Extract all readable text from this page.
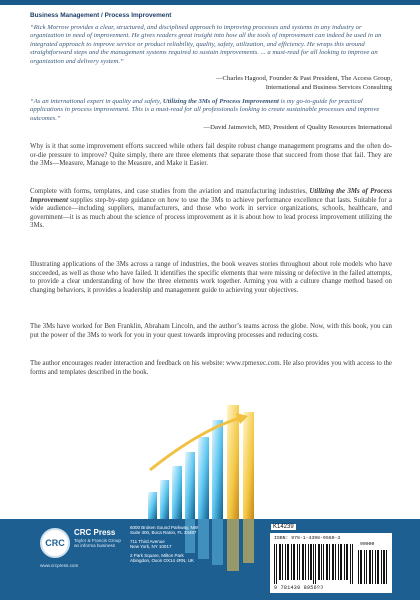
Business Management / Process Improvement
“Rick Morrow provides a clear, structured, and disciplined approach to improving processes and systems in any industry or organization in need of improvement. He gives readers great insight into how all the tools of improvement can indeed be used in an integrated approach to improve service or product reliability, quality, safety, utilization, and efficiency. He wraps this around straightforward steps and the management systems required to sustain improvements. ... a must-read for all looking to improve an organization and delivery system.”
—Charles Hagood, Founder & Past President, The Access Group,
International and Business Services Consulting
“As an international expert in quality and safety, Utilizing the 3Ms of Process Improvement is my go-to-guide for practical applications in process improvement. This is a must-read for all professionals looking to create sustainable processes and improve outcomes.”
—David Jaimovich, MD, President of Quality Resources International
Why is it that some improvement efforts succeed while others fail despite robust change management programs and the often do-or-die pressure to improve? Quite simply, there are three elements that separate those that succeed from those that fail. They are the 3Ms—Measure, Manage to the Measure, and Make it Easier.
Complete with forms, templates, and case studies from the aviation and manufacturing industries, Utilizing the 3Ms of Process Improvement supplies step-by-step guidance on how to use the 3Ms to achieve performance excellence that lasts. Suitable for a wide audience—including suppliers, manufacturers, and those who work in service organizations, schools, healthcare, and government—it is as much about the science of process improvement as it is about how to lead process improvement utilizing the 3Ms.
Illustrating applications of the 3Ms across a range of industries, the book weaves stories throughout about role models who have succeeded, as well as those who have failed. It identifies the specific elements that were missing or defective in the failed attempts, to provide a clear understanding of how the three elements work together. Arming you with a culture change method based on changing behaviors, it provides a leadership and management guide to achieving your objectives.
The 3Ms have worked for Ben Franklin, Abraham Lincoln, and the author’s teams across the globe. Now, with this book, you can put the power of the 3Ms to work for you in your quest towards improving processes and reducing costs.
The author encourages reader interaction and feedback on his website: www.rpmexec.com. He also provides you with access to the forms and templates described in the book.
CRC
CRC Press
Taylor & Francis Group
an informa business
www.crcpress.com
6000 Broken Sound Parkway, NW
Suite 300, Boca Raton, FL 33487
711 Third Avenue
New York, NY 10017
2 Park Square, Milton Park
Abingdon, Oxon OX14 4RN, UK
K14239
ISBN: 978-1-4398-9560-3
90000
9 781439 895603
www.productivitypress.com
